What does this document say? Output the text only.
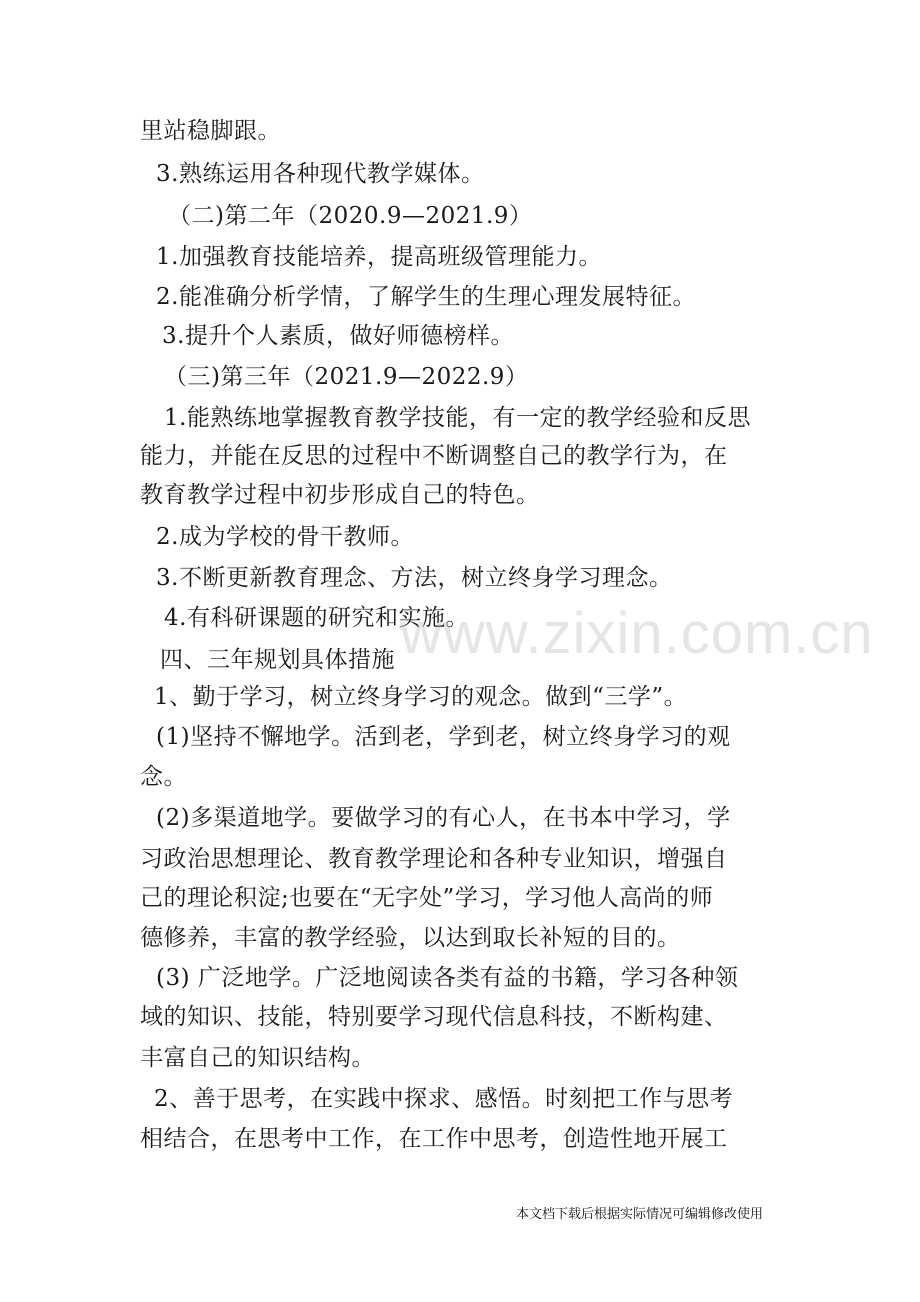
里站稳脚跟。
3.熟练运用各种现代教学媒体。
（二)第二年（2020.9—2021.9）
1.加强教育技能培养，提高班级管理能力。
2.能准确分析学情，了解学生的生理心理发展特征。
3.提升个人素质，做好师德榜样。
（三)第三年（2021.9—2022.9）
1.能熟练地掌握教育教学技能，有一定的教学经验和反思
能力，并能在反思的过程中不断调整自己的教学行为，在
教育教学过程中初步形成自己的特色。
2.成为学校的骨干教师。
3.不断更新教育理念、方法，树立终身学习理念。
4.有科研课题的研究和实施。
四、三年规划具体措施
1、勤于学习，树立终身学习的观念。做到“三学”。
(1)坚持不懈地学。活到老，学到老，树立终身学习的观
念。
(2)多渠道地学。要做学习的有心人，在书本中学习，学
习政治思想理论、教育教学理论和各种专业知识，增强自
己的理论积淀;也要在“无字处”学习，学习他人高尚的师
德修养，丰富的教学经验，以达到取长补短的目的。
(3) 广泛地学。广泛地阅读各类有益的书籍，学习各种领
域的知识、技能，特别要学习现代信息科技，不断构建、
丰富自己的知识结构。
2、善于思考，在实践中探求、感悟。时刻把工作与思考
相结合，在思考中工作，在工作中思考，创造性地开展工
www.zixin.com.cn
本文档下载后根据实际情况可编辑修改使用
